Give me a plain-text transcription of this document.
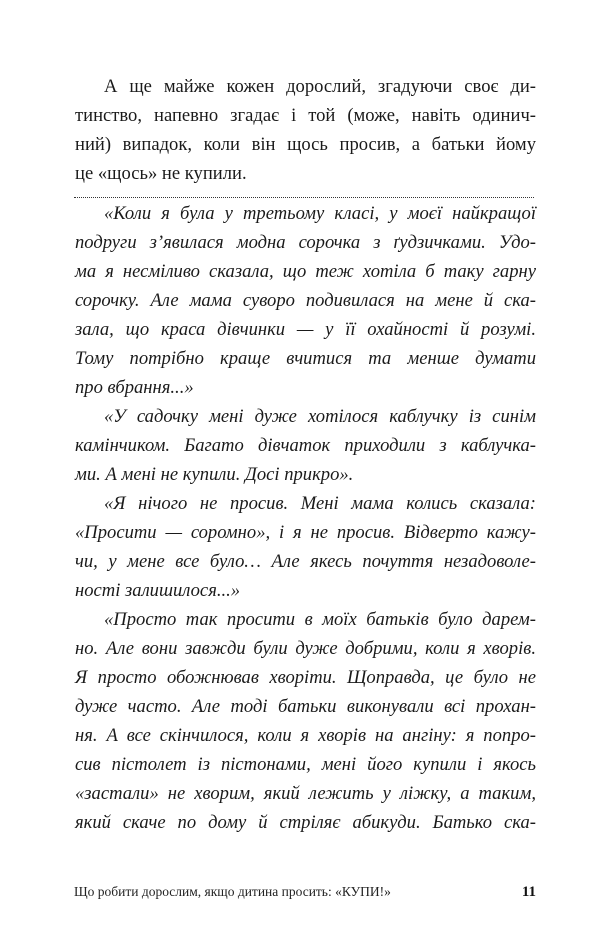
А ще майже кожен дорослий, згадуючи своє ди-
тинство, напевно згадає і той (може, навіть одинич-
ний) випадок, коли він щось просив, а батьки йому
це «щось» не купили.
«Коли я була у третьому класі, у моєї найкращої
подруги з’явилася модна сорочка з ґудзичками. Удо-
ма я несміливо сказала, що теж хотіла б таку гарну
сорочку. Але мама суворо подивилася на мене й ска-
зала, що краса дівчинки — у її охайності й розумі.
Тому потрібно краще вчитися та менше думати
про вбрання...»
«У садочку мені дуже хотілося каблучку із синім
камінчиком. Багато дівчаток приходили з каблучка-
ми. А мені не купили. Досі прикро».
«Я нічого не просив. Мені мама колись сказала:
«Просити — соромно», і я не просив. Відверто кажу-
чи, у мене все було… Але якесь почуття незадоволе-
ності залишилося...»
«Просто так просити в моїх батьків було дарем-
но. Але вони завжди були дуже добрими, коли я хворів.
Я просто обожнював хворіти. Щоправда, це було не
дуже часто. Але тоді батьки виконували всі прохан-
ня. А все скінчилося, коли я хворів на ангіну: я попро-
сив пістолет із пістонами, мені його купили і якось
«застали» не хворим, який лежить у ліжку, а таким,
який скаче по дому й стріляє абикуди. Батько ска-
Що робити дорослим, якщо дитина просить: «КУПИ!»	11
